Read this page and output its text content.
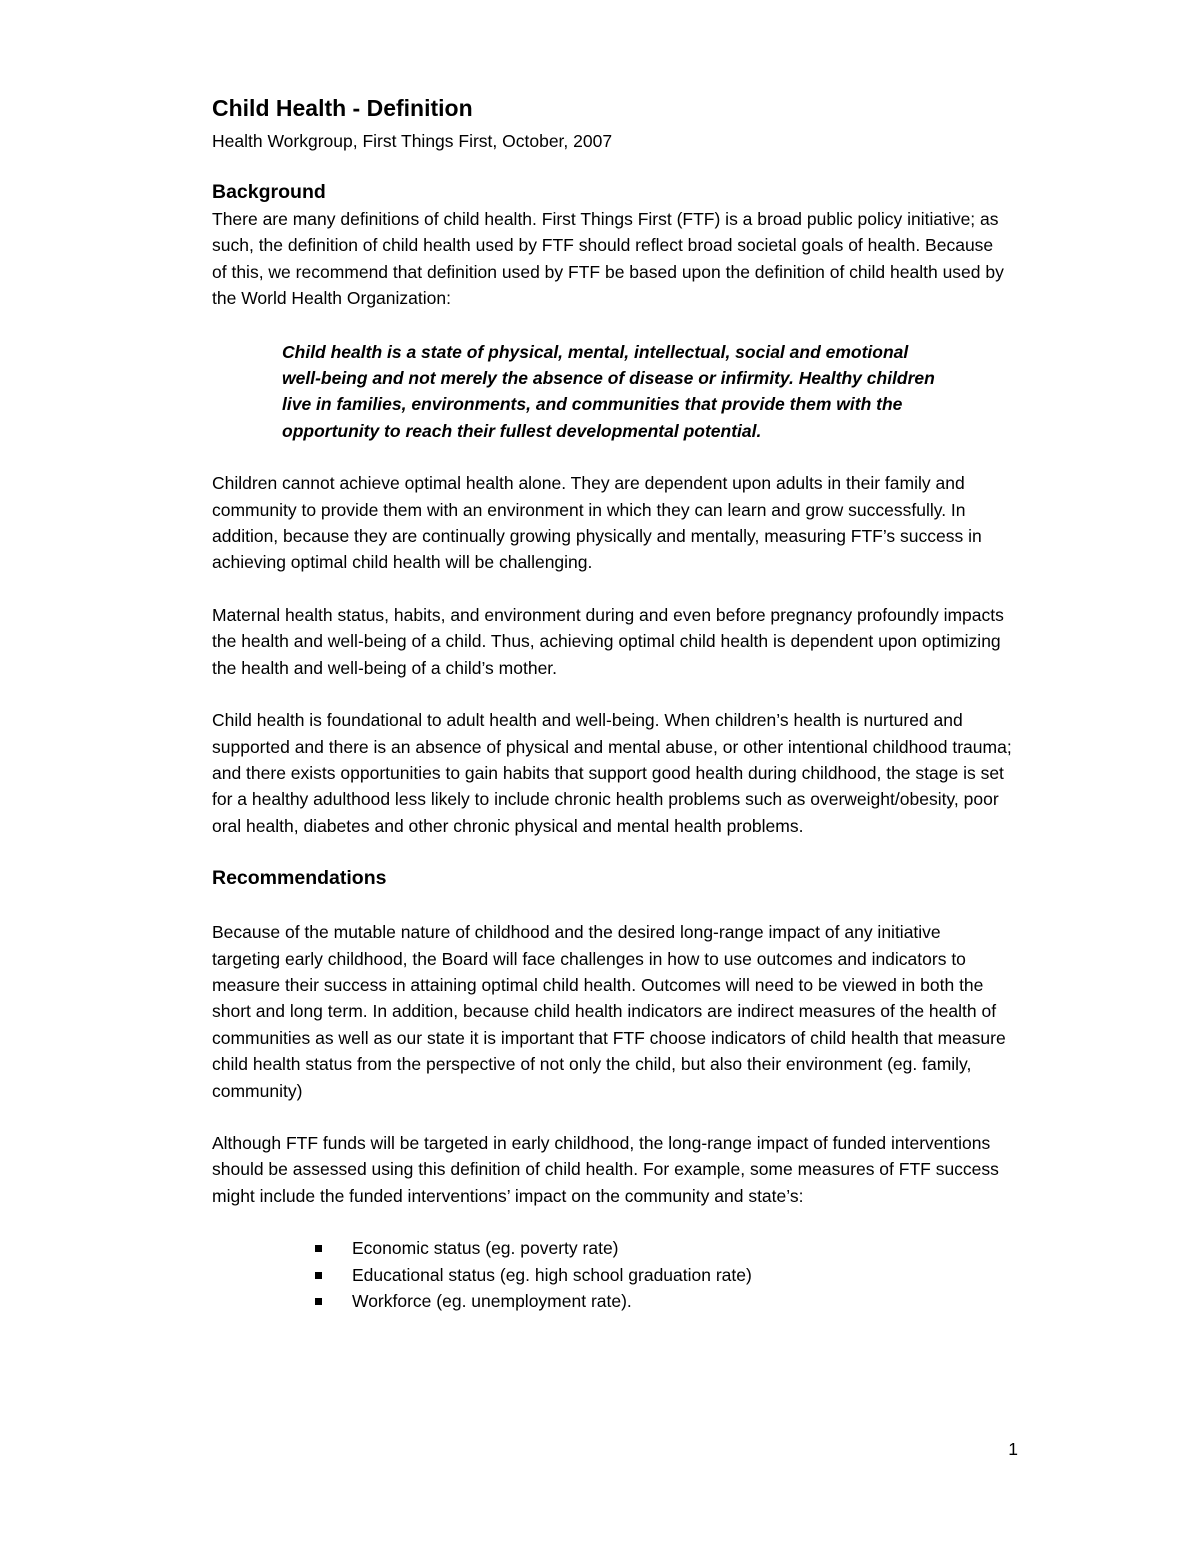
Child Health - Definition

Health Workgroup, First Things First, October, 2007

Background

There are many definitions of child health. First Things First (FTF) is a broad public policy initiative; as such, the definition of child health used by FTF should reflect broad societal goals of health. Because of this, we recommend that definition used by FTF be based upon the definition of child health used by the World Health Organization:

Child health is a state of physical, mental, intellectual, social and emotional well-being and not merely the absence of disease or infirmity. Healthy children live in families, environments, and communities that provide them with the opportunity to reach their fullest developmental potential.

Children cannot achieve optimal health alone. They are dependent upon adults in their family and community to provide them with an environment in which they can learn and grow successfully. In addition, because they are continually growing physically and mentally, measuring FTF’s success in achieving optimal child health will be challenging.

Maternal health status, habits, and environment during and even before pregnancy profoundly impacts the health and well-being of a child. Thus, achieving optimal child health is dependent upon optimizing the health and well-being of a child’s mother.

Child health is foundational to adult health and well-being. When children’s health is nurtured and supported and there is an absence of physical and mental abuse, or other intentional childhood trauma; and there exists opportunities to gain habits that support good health during childhood, the stage is set for a healthy adulthood less likely to include chronic health problems such as overweight/obesity, poor oral health, diabetes and other chronic physical and mental health problems.

Recommendations

Because of the mutable nature of childhood and the desired long-range impact of any initiative targeting early childhood, the Board will face challenges in how to use outcomes and indicators to measure their success in attaining optimal child health. Outcomes will need to be viewed in both the short and long term. In addition, because child health indicators are indirect measures of the health of communities as well as our state it is important that FTF choose indicators of child health that measure child health status from the perspective of not only the child, but also their environment (eg. family, community)

Although FTF funds will be targeted in early childhood, the long-range impact of funded interventions should be assessed using this definition of child health. For example, some measures of FTF success might include the funded interventions’ impact on the community and state’s:

Economic status (eg. poverty rate)
Educational status (eg. high school graduation rate)
Workforce (eg. unemployment rate).
1
